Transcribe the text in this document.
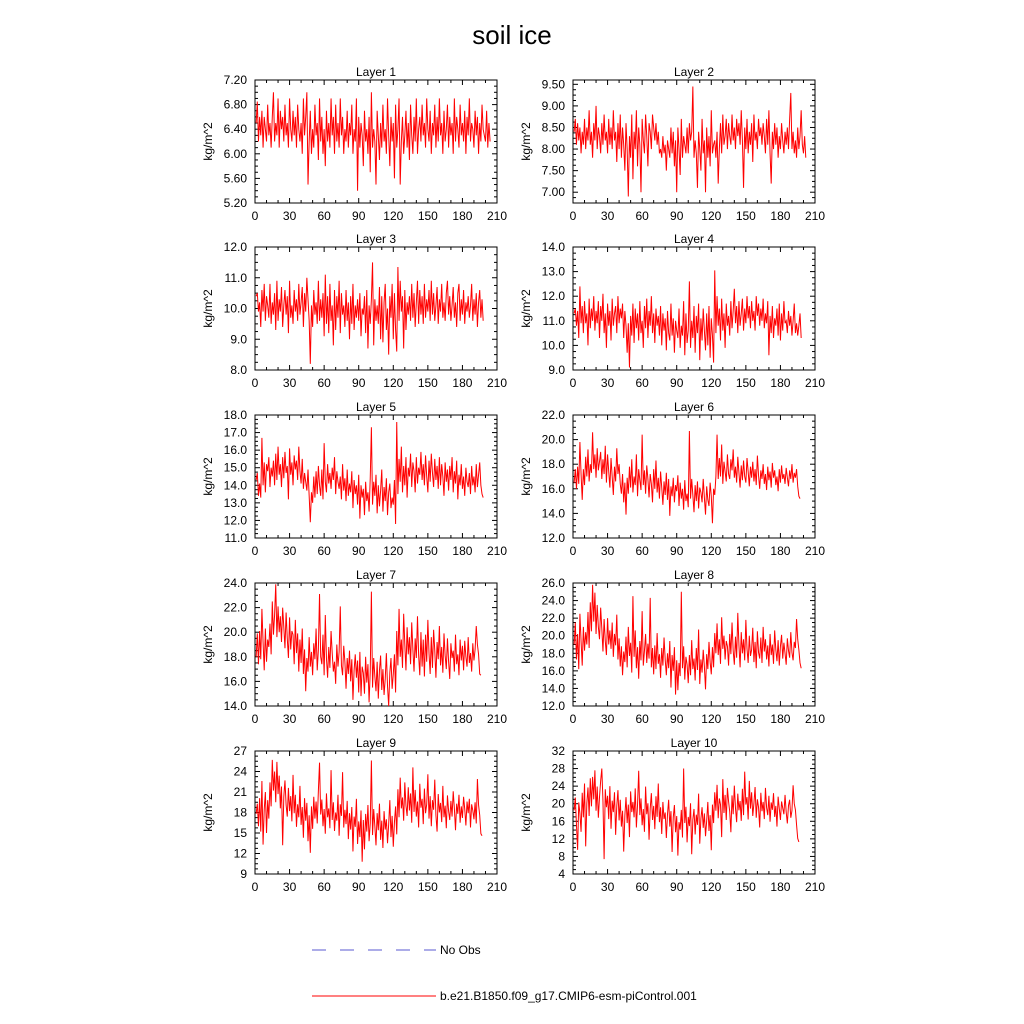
soil ice
Layer 1
kg/m^2
0 30 60 90 120 150 180 210
5.20
5.60
6.00
6.40
6.80
7.20
Layer 2
kg/m^2
0 30 60 90 120 150 180 210
7.00
7.50
8.00
8.50
9.00
9.50
Layer 3
kg/m^2
0 30 60 90 120 150 180 210
8.0
9.0
10.0
11.0
12.0
Layer 4
kg/m^2
0 30 60 90 120 150 180 210
9.0
10.0
11.0
12.0
13.0
14.0
Layer 5
kg/m^2
0 30 60 90 120 150 180 210
11.0
12.0
13.0
14.0
15.0
16.0
17.0
18.0
Layer 6
kg/m^2
0 30 60 90 120 150 180 210
12.0
14.0
16.0
18.0
20.0
22.0
Layer 7
kg/m^2
0 30 60 90 120 150 180 210
14.0
16.0
18.0
20.0
22.0
24.0
Layer 8
kg/m^2
0 30 60 90 120 150 180 210
12.0
14.0
16.0
18.0
20.0
22.0
24.0
26.0
Layer 9
kg/m^2
0 30 60 90 120 150 180 210
9
12
15
18
21
24
27
Layer 10
kg/m^2
0 30 60 90 120 150 180 210
4
8
12
16
20
24
28
32
No Obs
b.e21.B1850.f09_g17.CMIP6-esm-piControl.001
